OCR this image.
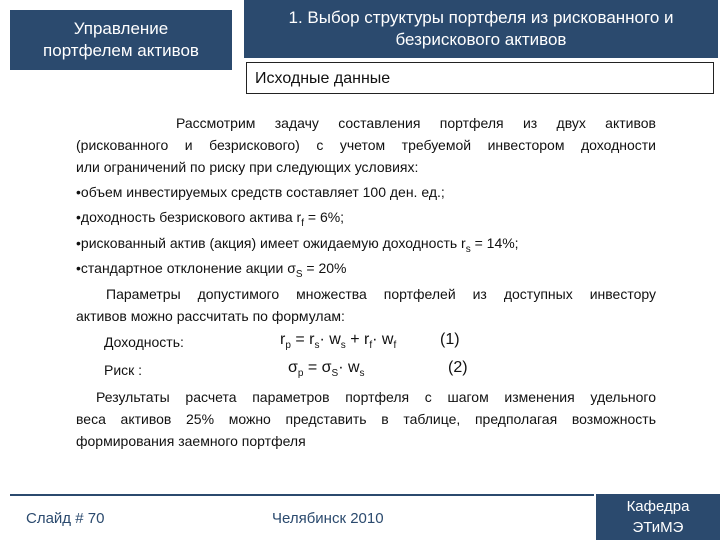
Управление
портфелем активов
1. Выбор структуры портфеля из рискованного и
безрискового активов
Исходные данные
Рассмотрим задачу составления портфеля из двух активов
(рискованного и безрискового) с учетом требуемой инвестором доходности
или ограничений по риску при следующих условиях:
•объем инвестируемых средств составляет 100 ден. ед.;
•доходность безрискового актива $r_f = 6\%$;
•рискованный актив (акция) имеет ожидаемую доходность $r_s = 14\%$;
•стандартное отклонение акции $\sigma_S = 20\%$
Параметры допустимого множества портфелей из доступных инвестору
активов можно рассчитать по формулам:
Доходность:	$r_p = r_s\cdot w_s + r_f\cdot w_f$	(1)
Риск :	$\sigma_p = \sigma_S\cdot w_s$	(2)
Результаты расчета параметров портфеля с шагом изменения удельного
веса активов 25% можно представить в таблице, предполагая возможность
формирования заемного портфеля
Слайд # 70	Челябинск 2010
Кафедра
ЭТиМЭ
